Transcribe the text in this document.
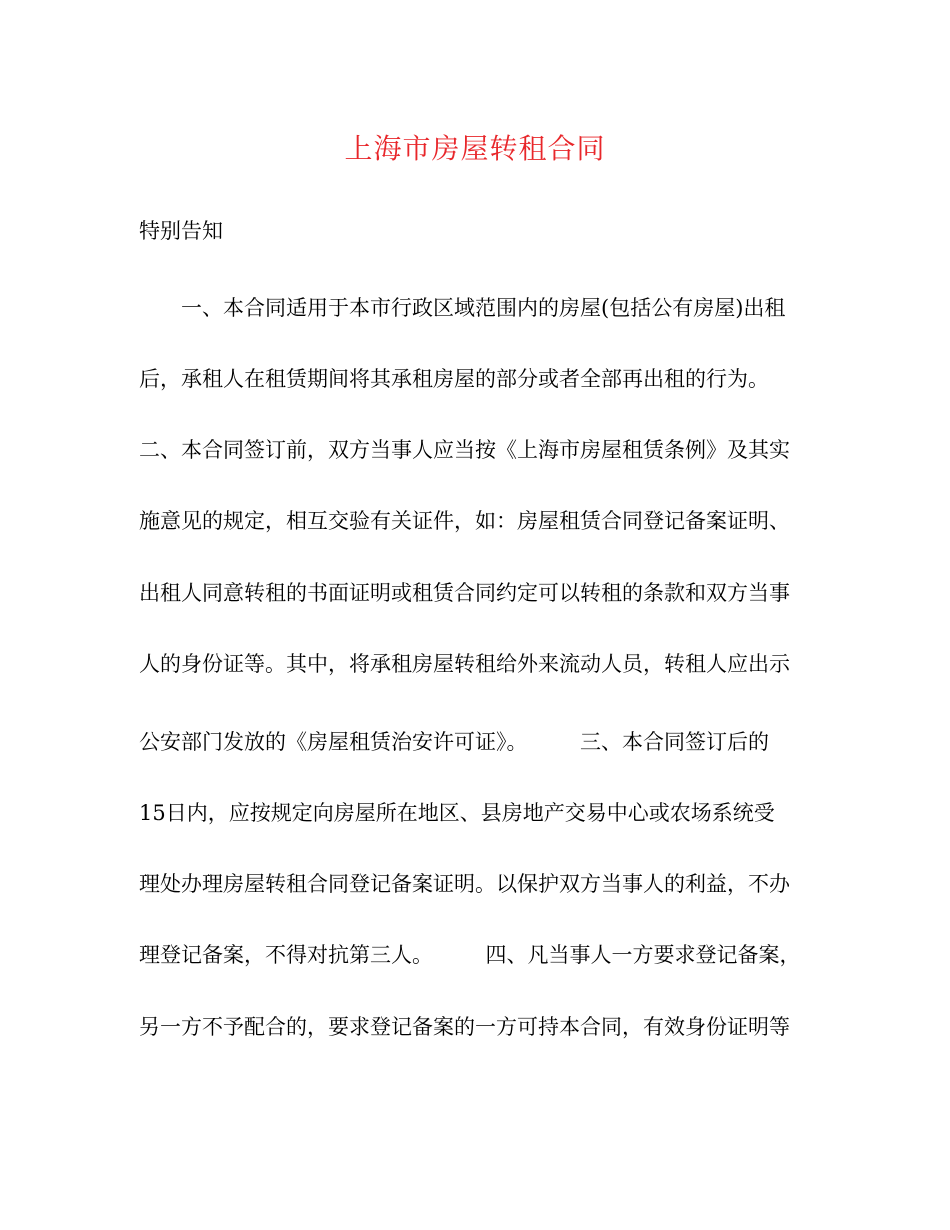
上海市房屋转租合同
特别告知
　　一、本合同适用于本市行政区域范围内的房屋(包括公有房屋)出租
后，承租人在租赁期间将其承租房屋的部分或者全部再出租的行为。
二、本合同签订前，双方当事人应当按《上海市房屋租赁条例》及其实
施意见的规定，相互交验有关证件，如：房屋租赁合同登记备案证明、
出租人同意转租的书面证明或租赁合同约定可以转租的条款和双方当事
人的身份证等。其中，将承租房屋转租给外来流动人员，转租人应出示
公安部门发放的《房屋租赁治安许可证》。　　　三、本合同签订后的
15日内，应按规定向房屋所在地区、县房地产交易中心或农场系统受
理处办理房屋转租合同登记备案证明。以保护双方当事人的利益，不办
理登记备案，不得对抗第三人。　　　四、凡当事人一方要求登记备案，
另一方不予配合的，要求登记备案的一方可持本合同，有效身份证明等
